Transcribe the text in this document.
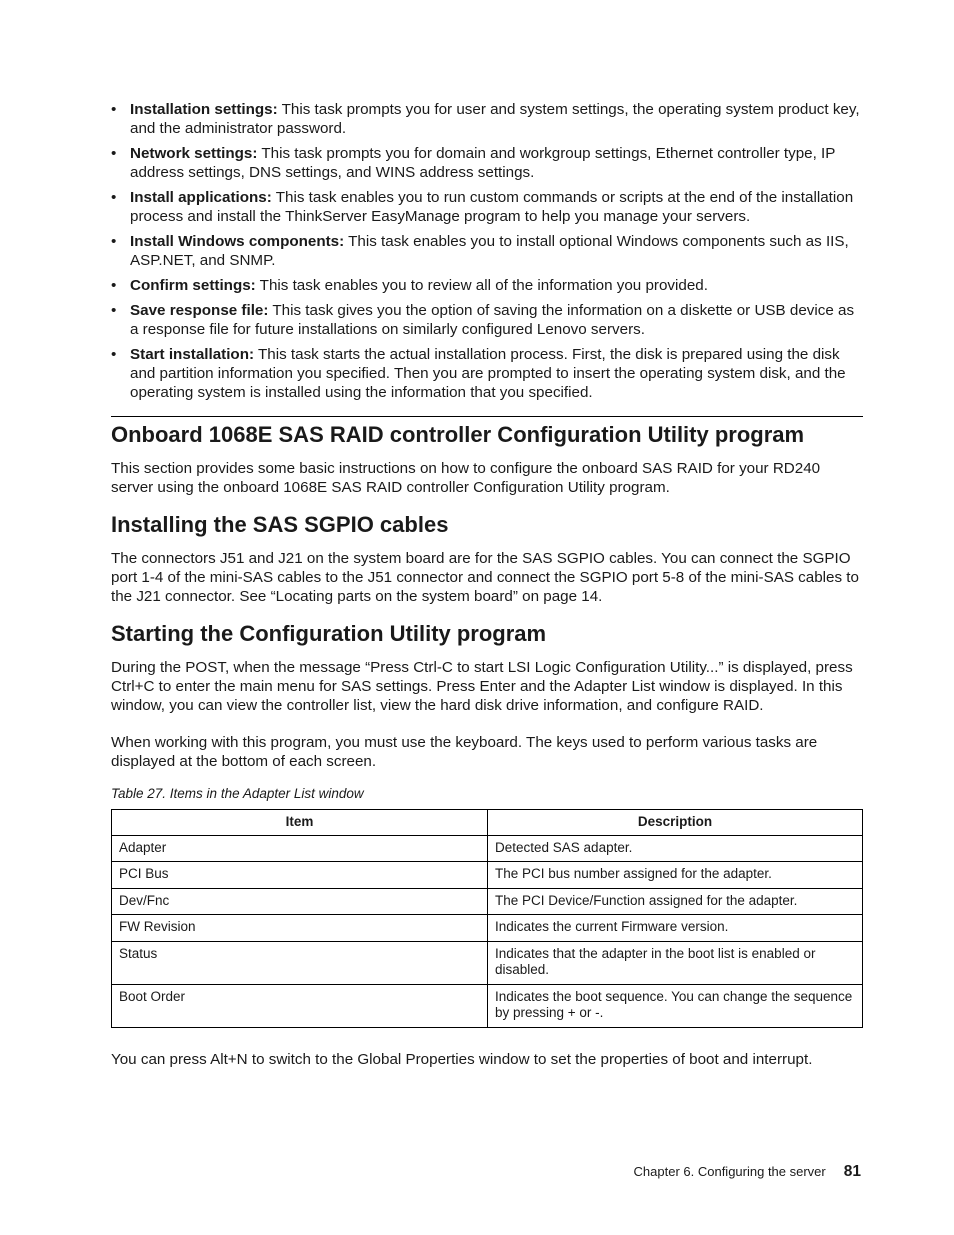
• Installation settings: This task prompts you for user and system settings, the operating system product key, and the administrator password.
• Network settings: This task prompts you for domain and workgroup settings, Ethernet controller type, IP address settings, DNS settings, and WINS address settings.
• Install applications: This task enables you to run custom commands or scripts at the end of the installation process and install the ThinkServer EasyManage program to help you manage your servers.
• Install Windows components: This task enables you to install optional Windows components such as IIS, ASP.NET, and SNMP.
• Confirm settings: This task enables you to review all of the information you provided.
• Save response file: This task gives you the option of saving the information on a diskette or USB device as a response file for future installations on similarly configured Lenovo servers.
• Start installation: This task starts the actual installation process. First, the disk is prepared using the disk and partition information you specified. Then you are prompted to insert the operating system disk, and the operating system is installed using the information that you specified.
Onboard 1068E SAS RAID controller Configuration Utility program

This section provides some basic instructions on how to configure the onboard SAS RAID for your RD240 server using the onboard 1068E SAS RAID controller Configuration Utility program.

Installing the SAS SGPIO cables

The connectors J51 and J21 on the system board are for the SAS SGPIO cables. You can connect the SGPIO port 1-4 of the mini-SAS cables to the J51 connector and connect the SGPIO port 5-8 of the mini-SAS cables to the J21 connector. See “Locating parts on the system board” on page 14.

Starting the Configuration Utility program

During the POST, when the message “Press Ctrl-C to start LSI Logic Configuration Utility...” is displayed, press Ctrl+C to enter the main menu for SAS settings. Press Enter and the Adapter List window is displayed. In this window, you can view the controller list, view the hard disk drive information, and configure RAID.

When working with this program, you must use the keyboard. The keys used to perform various tasks are displayed at the bottom of each screen.

Table 27. Items in the Adapter List window
Item	Description
Adapter	Detected SAS adapter.
PCI Bus	The PCI bus number assigned for the adapter.
Dev/Fnc	The PCI Device/Function assigned for the adapter.
FW Revision	Indicates the current Firmware version.
Status	Indicates that the adapter in the boot list is enabled or disabled.
Boot Order	Indicates the boot sequence. You can change the sequence by pressing + or -.

You can press Alt+N to switch to the Global Properties window to set the properties of boot and interrupt.

Chapter 6. Configuring the server 81
